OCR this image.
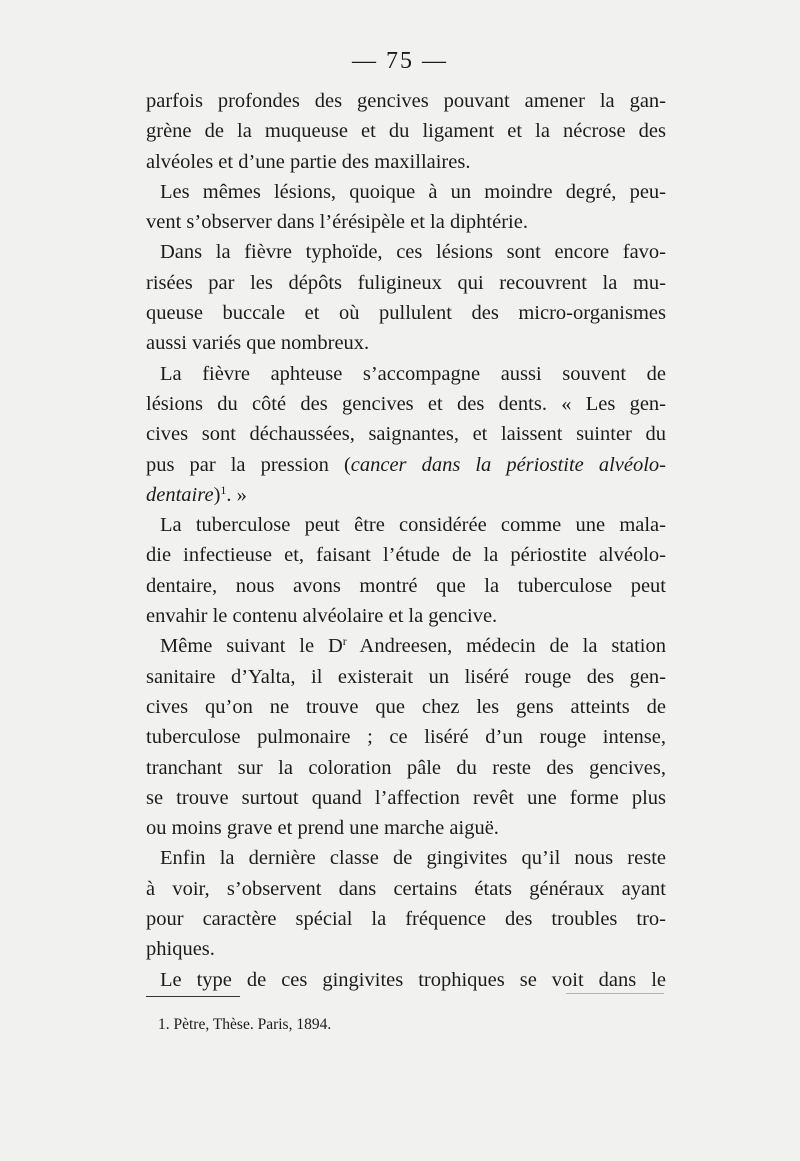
— 75 —
parfois profondes des gencives pouvant amener la gan-
grène de la muqueuse et du ligament et la nécrose des
alvéoles et d’une partie des maxillaires.
Les mêmes lésions, quoique à un moindre degré, peu-
vent s’observer dans l’érésipèle et la diphtérie.
Dans la fièvre typhoïde, ces lésions sont encore favo-
risées par les dépôts fuligineux qui recouvrent la mu-
queuse buccale et où pullulent des micro-organismes
aussi variés que nombreux.
La fièvre aphteuse s’accompagne aussi souvent de
lésions du côté des gencives et des dents. « Les gen-
cives sont déchaussées, saignantes, et laissent suinter du
pus par la pression (cancer dans la périostite alvéolo-
dentaire)$^1$. »
La tuberculose peut être considérée comme une mala-
die infectieuse et, faisant l’étude de la périostite alvéolo-
dentaire, nous avons montré que la tuberculose peut
envahir le contenu alvéolaire et la gencive.
Même suivant le $D^r$ Andreesen, médecin de la station
sanitaire d’Yalta, il existerait un liséré rouge des gen-
cives qu’on ne trouve que chez les gens atteints de
tuberculose pulmonaire ; ce liséré d’un rouge intense,
tranchant sur la coloration pâle du reste des gencives,
se trouve surtout quand l’affection revêt une forme plus
ou moins grave et prend une marche aiguë.
Enfin la dernière classe de gingivites qu’il nous reste
à voir, s’observent dans certains états généraux ayant
pour caractère spécial la fréquence des troubles tro-
phiques.
Le type de ces gingivites trophiques se voit dans le
1. Pètre, Thèse. Paris, 1894.
